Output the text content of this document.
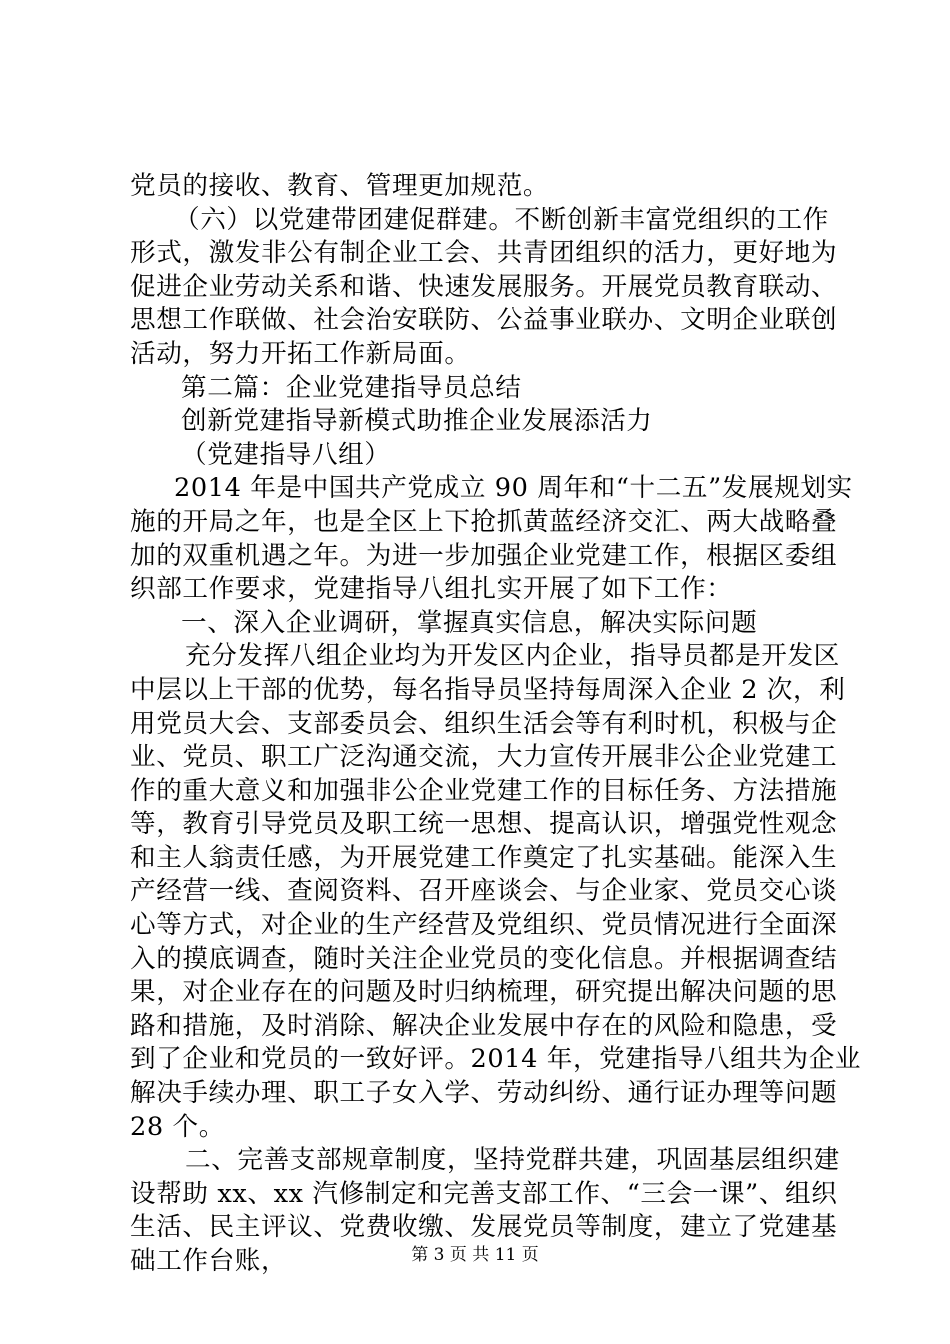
党员的接收、教育、管理更加规范。
（六）以党建带团建促群建。不断创新丰富党组织的工作
形式，激发非公有制企业工会、共青团组织的活力，更好地为
促进企业劳动关系和谐、快速发展服务。开展党员教育联动、
思想工作联做、社会治安联防、公益事业联办、文明企业联创
活动，努力开拓工作新局面。
第二篇：企业党建指导员总结
创新党建指导新模式助推企业发展添活力
（党建指导八组）
2014 年是中国共产党成立 90 周年和“十二五”发展规划实
施的开局之年，也是全区上下抢抓黄蓝经济交汇、两大战略叠
加的双重机遇之年。为进一步加强企业党建工作，根据区委组
织部工作要求，党建指导八组扎实开展了如下工作：
一、深入企业调研，掌握真实信息，解决实际问题
充分发挥八组企业均为开发区内企业，指导员都是开发区
中层以上干部的优势，每名指导员坚持每周深入企业 2 次，利
用党员大会、支部委员会、组织生活会等有利时机，积极与企
业、党员、职工广泛沟通交流，大力宣传开展非公企业党建工
作的重大意义和加强非公企业党建工作的目标任务、方法措施
等，教育引导党员及职工统一思想、提高认识，增强党性观念
和主人翁责任感，为开展党建工作奠定了扎实基础。能深入生
产经营一线、查阅资料、召开座谈会、与企业家、党员交心谈
心等方式，对企业的生产经营及党组织、党员情况进行全面深
入的摸底调查，随时关注企业党员的变化信息。并根据调查结
果，对企业存在的问题及时归纳梳理，研究提出解决问题的思
路和措施，及时消除、解决企业发展中存在的风险和隐患，受
到了企业和党员的一致好评。2014 年，党建指导八组共为企业
解决手续办理、职工子女入学、劳动纠纷、通行证办理等问题
28 个。
二、完善支部规章制度，坚持党群共建，巩固基层组织建
设帮助 xx、xx 汽修制定和完善支部工作、“三会一课”、组织
生活、民主评议、党费收缴、发展党员等制度，建立了党建基
础工作台账，	第 3 页 共 11 页
